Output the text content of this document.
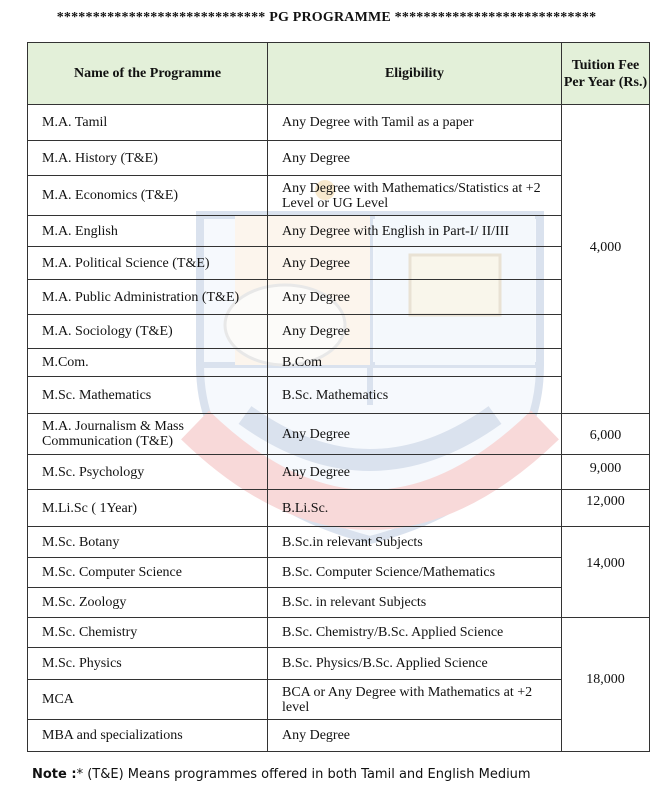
***************************** PG PROGRAMME ****************************
Name of the Programme	Eligibility	Tuition Fee Per Year (Rs.)
M.A. Tamil	Any Degree with Tamil as a paper	4,000
M.A. History (T&E)	Any Degree	
M.A. Economics (T&E)	Any Degree with Mathematics/Statistics at +2 Level or UG Level	
M.A. English	Any Degree with English in Part-I/ II/III	
M.A. Political Science (T&E)	Any Degree	
M.A. Public Administration (T&E)	Any Degree	
M.A. Sociology (T&E)	Any Degree	
M.Com.	B.Com	
M.Sc. Mathematics	B.Sc. Mathematics	
M.A. Journalism & Mass Communication (T&E)	Any Degree	6,000
M.Sc. Psychology	Any Degree	9,000
M.Li.Sc ( 1Year)	B.Li.Sc.	12,000
M.Sc. Botany	B.Sc.in relevant Subjects	14,000
M.Sc. Computer Science	B.Sc. Computer Science/Mathematics	
M.Sc. Zoology	B.Sc. in relevant Subjects	
M.Sc. Chemistry	B.Sc. Chemistry/B.Sc. Applied Science	18,000
M.Sc. Physics	B.Sc. Physics/B.Sc. Applied Science	
MCA	BCA or Any Degree with Mathematics at +2 level	
MBA and specializations	Any Degree	
Note :* (T&E) Means programmes offered in both Tamil and English Medium
